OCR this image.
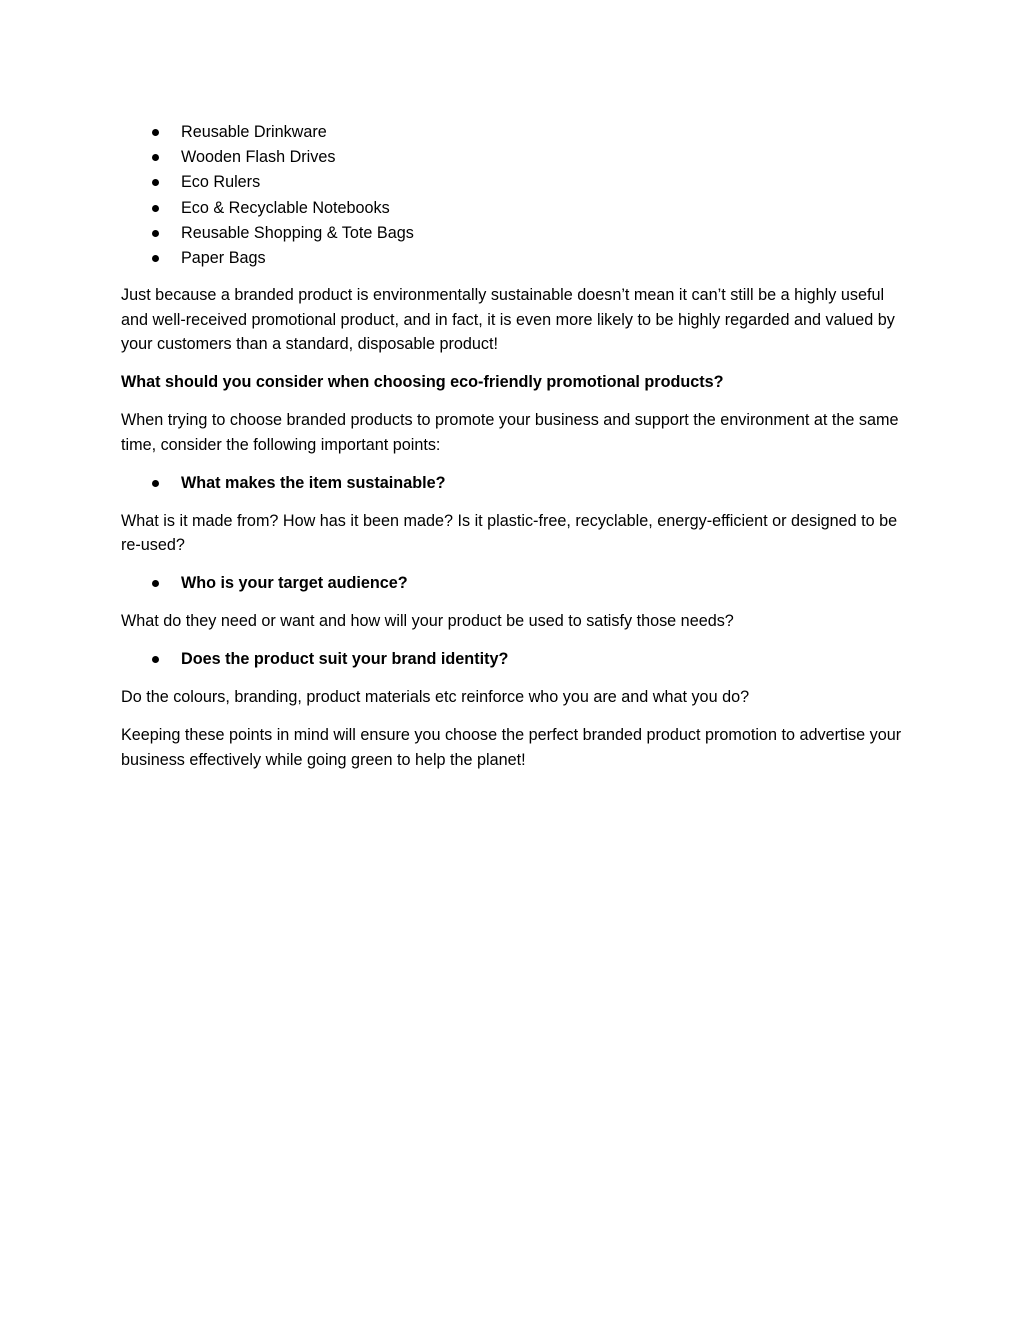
Reusable Drinkware
Wooden Flash Drives
Eco Rulers
Eco & Recyclable Notebooks
Reusable Shopping & Tote Bags
Paper Bags

Just because a branded product is environmentally sustainable doesn’t mean it can’t still be a highly useful and well-received promotional product, and in fact, it is even more likely to be highly regarded and valued by your customers than a standard, disposable product!

What should you consider when choosing eco-friendly promotional products?

When trying to choose branded products to promote your business and support the environment at the same time, consider the following important points:

What makes the item sustainable?

What is it made from? How has it been made? Is it plastic-free, recyclable, energy-efficient or designed to be re-used?

Who is your target audience?

What do they need or want and how will your product be used to satisfy those needs?

Does the product suit your brand identity?

Do the colours, branding, product materials etc reinforce who you are and what you do?

Keeping these points in mind will ensure you choose the perfect branded product promotion to advertise your business effectively while going green to help the planet!
